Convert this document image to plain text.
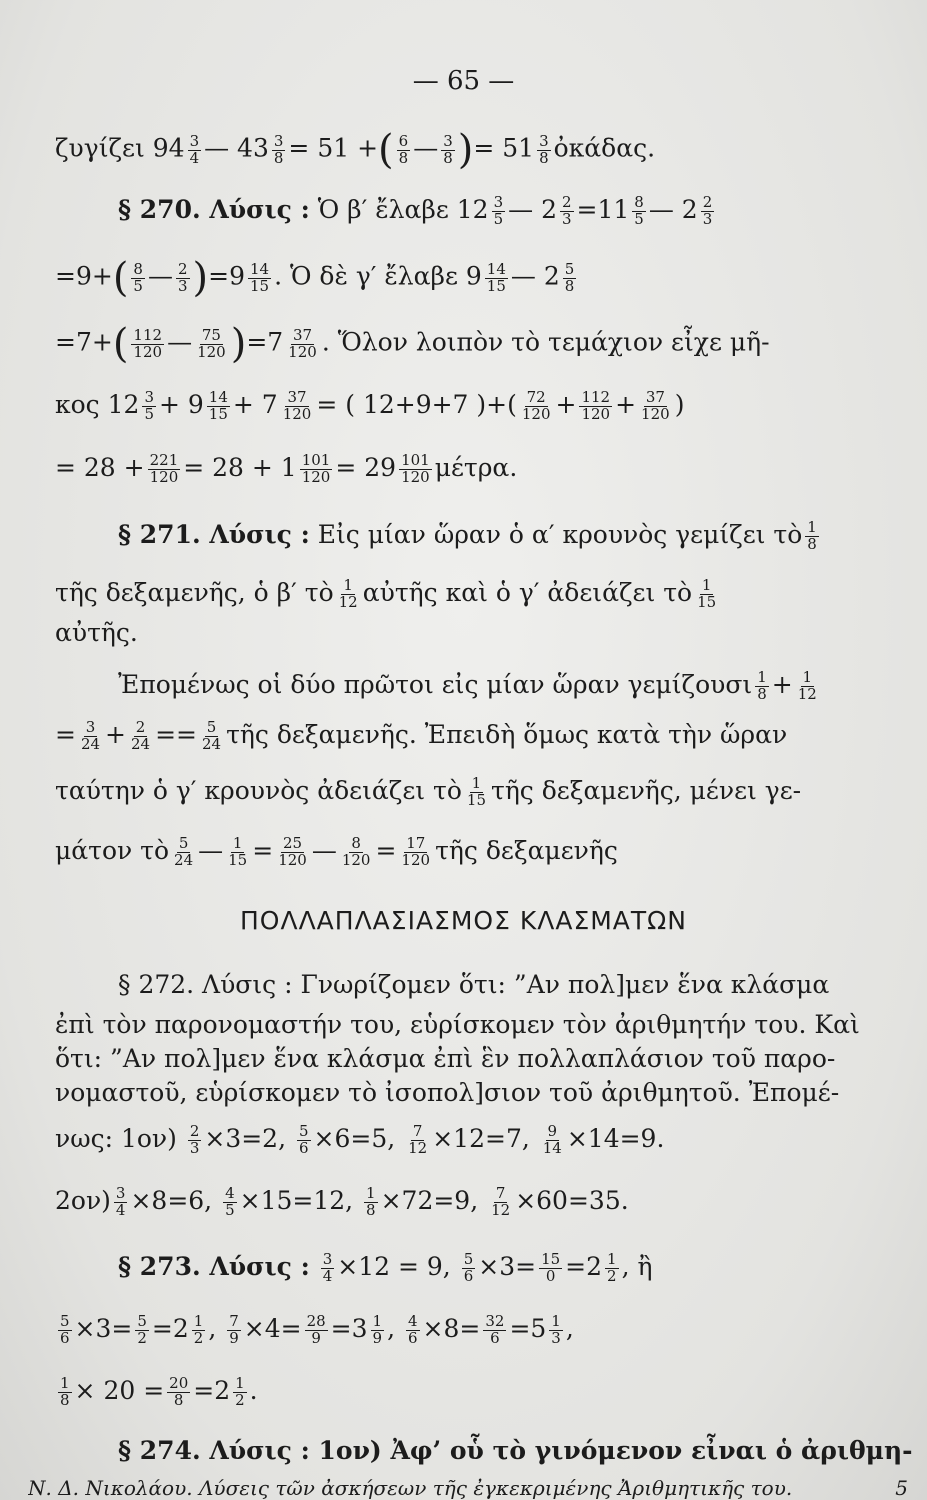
— 65 —
ζυγίζει $94 \frac{3}{4}$ — $43 \frac{3}{8} = 51$ +( $\frac{6}{8}$ — $\frac{3}{8}$ )= $51 \frac{3}{8}$ ὀκάδας.
§ 270. Λύσις : Ὁ β′ ἔλαβε $12 \frac{3}{5}$ — $2 \frac{2}{3} =11 \frac{8}{5}$ — $2 \frac{2}{3}$
$=9+( \frac{8}{5}$ — $\frac{2}{3} )=9 \frac{14}{15}$ . Ὁ δὲ γ′ ἔλαβε $9 \frac{14}{15}$ — $2 \frac{5}{8}$
$=7+( \frac{112}{120}$ — $\frac{75}{120} )=7 \frac{37}{120}$ . Ὅλον λοιπὸν τὸ τεμάχιον εἶχε μῆ-
κος $12 \frac{3}{5} + 9 \frac{14}{15} + 7 \frac{37}{120}$ = ( 12+9+7 )+( $\frac{72}{120} + \frac{112}{120} + \frac{37}{120}$ )
= $28 + \frac{221}{120} = 28 + 1 \frac{101}{120} = 29 \frac{101}{120} \mu έ\tau\rho\alpha$.
§ 271. Λύσις : Εἰς μίαν ὥραν ὁ α′ κρουνὸς γεμίζει τὸ $\frac{1}{8}$
τῆς δεξαμενῆς, ὁ β′ τὸ $\frac{1}{12}$ αὐτῆς καὶ ὁ γ′ ἀδειάζει τὸ $\frac{1}{15}$
αὐτῆς.
Ἐπομένως οἱ δύο πρῶτοι εἰς μίαν ὥραν γεμίζουσι $\frac{1}{8} + \frac{1}{12}$
= $\frac{3}{24} + \frac{2}{24} == \frac{5}{24}$ τῆς δεξαμενῆς. Ἐπειδὴ ὅμως κατὰ τὴν ὥραν
ταύτην ὁ γ′ κρουνὸς ἀδειάζει τὸ $\frac{1}{15}$ τῆς δεξαμενῆς, μένει γε-
μάτον τὸ $\frac{5}{24}$ — $\frac{1}{15} = \frac{25}{120}$ — $\frac{8}{120} = \frac{17}{120}$ τῆς δεξαμενῆς
ΠΟΛΛΑΠΛΑΣΙΑΣΜΟΣ ΚΛΑΣΜΑΤΩΝ
§ 272. Λύσις : Γνωρίζομεν ὅτι: ”Αν πολ]μεν ἕνα κλάσμα
ἐπὶ τὸν παρονομαστήν του, εὑρίσκομεν τὸν ἀριθμητήν του. Καὶ
ὅτι: ”Αν πολ]μεν ἕνα κλάσμα ἐπὶ ἓν πολλαπλάσιον τοῦ παρο-
νομαστοῦ, εὑρίσκομεν τὸ ἰσοπολ]σιον τοῦ ἀριθμητοῦ. Ἐπομέ-
νως: $1o\nu) \frac{2}{3} \times 3=2$, $\frac{5}{6} \times 6=5$, $\frac{7}{12} \times 12=7$, $\frac{9}{14} \times 14=9$.
$2o\nu) \frac{3}{4} \times 8=6$, $\frac{4}{5} \times 15=12$, $\frac{1}{8} \times 72=9$, $\frac{7}{12} \times 60=35$.
§ 273. Λύσις : $\frac{3}{4} \times 12 = 9$, $\frac{5}{6} \times 3= \frac{15}{0} =2 \frac{1}{2}$ , ἢ
$\frac{5}{6} \times 3= \frac{5}{2} =2 \frac{1}{2}$ , $\frac{7}{9} \times 4= \frac{28}{9} =3 \frac{1}{9}$ , $\frac{4}{6} \times 8= \frac{32}{6} =5 \frac{1}{3}$ ,
$\frac{1}{8} \times 20 = \frac{20}{8} =2 \frac{1}{2}$ .
§ 274. Λύσις : 1ον) Ἀφ’ οὗ τὸ γινόμενον εἶναι ὁ ἀριθμη-
Ν. Δ. Νικολάου. Λύσεις τῶν ἀσκήσεων τῆς ἐγκεκριμένης Ἀριθμητικῆς του.	5
